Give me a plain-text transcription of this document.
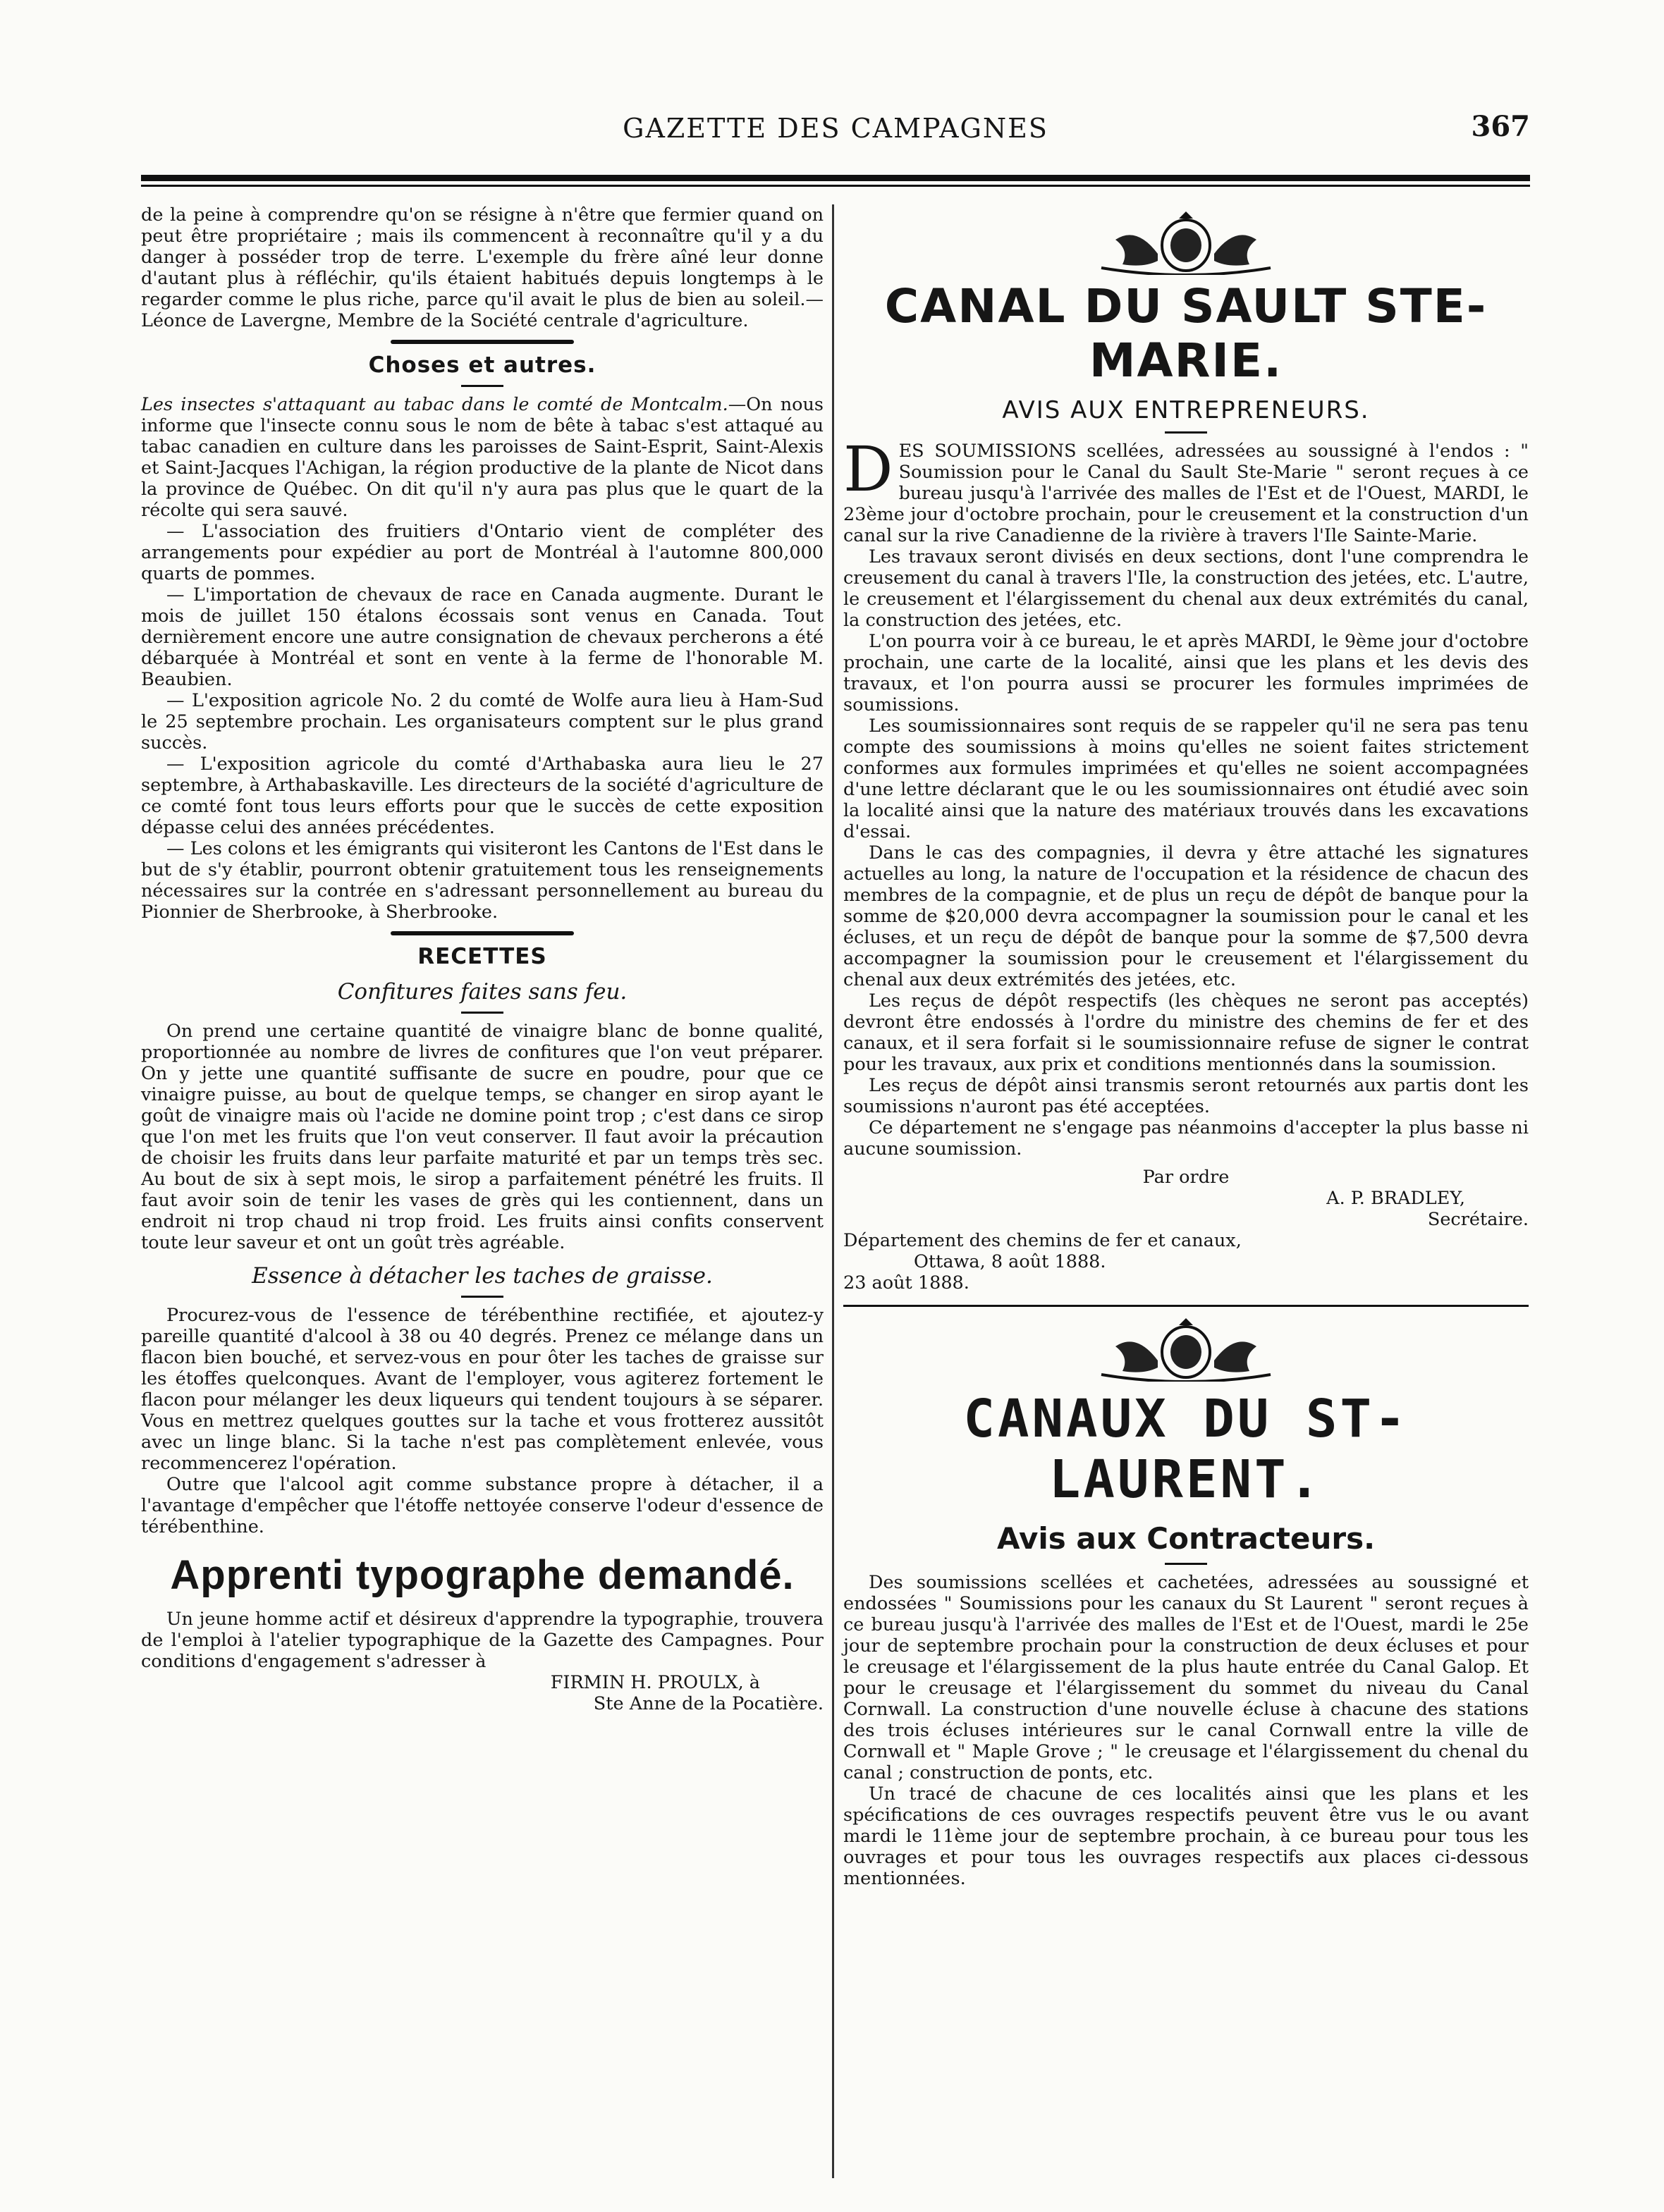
GAZETTE DES CAMPAGNES	367

de la peine à comprendre qu'on se résigne à n'être que fermier quand on peut être propriétaire ; mais ils commencent à reconnaître qu'il y a du danger à posséder trop de terre. L'exemple du frère aîné leur donne d'autant plus à réfléchir, qu'ils étaient habitués depuis longtemps à le regarder comme le plus riche, parce qu'il avait le plus de bien au soleil.—Léonce de Lavergne, Membre de la Société centrale d'agriculture.

Choses et autres.

Les insectes s'attaquant au tabac dans le comté de Montcalm.—On nous informe que l'insecte connu sous le nom de bête à tabac s'est attaqué au tabac canadien en culture dans les paroisses de Saint-Esprit, Saint-Alexis et Saint-Jacques l'Achigan, la région productive de la plante de Nicot dans la province de Québec. On dit qu'il n'y aura pas plus que le quart de la récolte qui sera sauvé.

— L'association des fruitiers d'Ontario vient de compléter des arrangements pour expédier au port de Montréal à l'automne 800,000 quarts de pommes.

— L'importation de chevaux de race en Canada augmente. Durant le mois de juillet 150 étalons écossais sont venus en Canada. Tout dernièrement encore une autre consignation de chevaux percherons a été débarquée à Montréal et sont en vente à la ferme de l'honorable M. Beaubien.

— L'exposition agricole No. 2 du comté de Wolfe aura lieu à Ham-Sud le 25 septembre prochain. Les organisateurs comptent sur le plus grand succès.

— L'exposition agricole du comté d'Arthabaska aura lieu le 27 septembre, à Arthabaskaville. Les directeurs de la société d'agriculture de ce comté font tous leurs efforts pour que le succès de cette exposition dépasse celui des années précédentes.

— Les colons et les émigrants qui visiteront les Cantons de l'Est dans le but de s'y établir, pourront obtenir gratuitement tous les renseignements nécessaires sur la contrée en s'adressant personnellement au bureau du Pionnier de Sherbrooke, à Sherbrooke.

RECETTES
Confitures faites sans feu.

On prend une certaine quantité de vinaigre blanc de bonne qualité, proportionnée au nombre de livres de confitures que l'on veut préparer. On y jette une quantité suffisante de sucre en poudre, pour que ce vinaigre puisse, au bout de quelque temps, se changer en sirop ayant le goût de vinaigre mais où l'acide ne domine point trop ; c'est dans ce sirop que l'on met les fruits que l'on veut conserver. Il faut avoir la précaution de choisir les fruits dans leur parfaite maturité et par un temps très sec. Au bout de six à sept mois, le sirop a parfaitement pénétré les fruits. Il faut avoir soin de tenir les vases de grès qui les contiennent, dans un endroit ni trop chaud ni trop froid. Les fruits ainsi confits conservent toute leur saveur et ont un goût très agréable.

Essence à détacher les taches de graisse.

Procurez-vous de l'essence de térébenthine rectifiée, et ajoutez-y pareille quantité d'alcool à 38 ou 40 degrés. Prenez ce mélange dans un flacon bien bouché, et servez-vous en pour ôter les taches de graisse sur les étoffes quelconques. Avant de l'employer, vous agiterez fortement le flacon pour mélanger les deux liqueurs qui tendent toujours à se séparer. Vous en mettrez quelques gouttes sur la tache et vous frotterez aussitôt avec un linge blanc. Si la tache n'est pas complètement enlevée, vous recommencerez l'opération.

Outre que l'alcool agit comme substance propre à détacher, il a l'avantage d'empêcher que l'étoffe nettoyée conserve l'odeur d'essence de térébenthine.

Apprenti typographe demandé.

Un jeune homme actif et désireux d'apprendre la typographie, trouvera de l'emploi à l'atelier typographique de la Gazette des Campagnes. Pour conditions d'engagement s'adresser à

FIRMIN H. PROULX, à

Ste Anne de la Pocatière.

CANAL DU SAULT STE-MARIE.
AVIS AUX ENTREPRENEURS.

DES SOUMISSIONS scellées, adressées au soussigné à l'endos : " Soumission pour le Canal du Sault Ste-Marie " seront reçues à ce bureau jusqu'à l'arrivée des malles de l'Est et de l'Ouest, MARDI, le 23ème jour d'octobre prochain, pour le creusement et la construction d'un canal sur la rive Canadienne de la rivière à travers l'Ile Sainte-Marie.

Les travaux seront divisés en deux sections, dont l'une comprendra le creusement du canal à travers l'Ile, la construction des jetées, etc. L'autre, le creusement et l'élargissement du chenal aux deux extrémités du canal, la construction des jetées, etc.

L'on pourra voir à ce bureau, le et après MARDI, le 9ème jour d'octobre prochain, une carte de la localité, ainsi que les plans et les devis des travaux, et l'on pourra aussi se procurer les formules imprimées de soumissions.

Les soumissionnaires sont requis de se rappeler qu'il ne sera pas tenu compte des soumissions à moins qu'elles ne soient faites strictement conformes aux formules imprimées et qu'elles ne soient accompagnées d'une lettre déclarant que le ou les soumissionnaires ont étudié avec soin la localité ainsi que la nature des matériaux trouvés dans les excavations d'essai.

Dans le cas des compagnies, il devra y être attaché les signatures actuelles au long, la nature de l'occupation et la résidence de chacun des membres de la compagnie, et de plus un reçu de dépôt de banque pour la somme de $20,000 devra accompagner la soumission pour le canal et les écluses, et un reçu de dépôt de banque pour la somme de $7,500 devra accompagner la soumission pour le creusement et l'élargissement du chenal aux deux extrémités des jetées, etc.

Les reçus de dépôt respectifs (les chèques ne seront pas acceptés) devront être endossés à l'ordre du ministre des chemins de fer et des canaux, et il sera forfait si le soumissionnaire refuse de signer le contrat pour les travaux, aux prix et conditions mentionnés dans la soumission.

Les reçus de dépôt ainsi transmis seront retournés aux partis dont les soumissions n'auront pas été acceptées.

Ce département ne s'engage pas néanmoins d'accepter la plus basse ni aucune soumission.

Par ordre

A. P. BRADLEY,

Secrétaire.

Département des chemins de fer et canaux,

Ottawa, 8 août 1888.

23 août 1888.

CANAUX DU ST-LAURENT.
Avis aux Contracteurs.

Des soumissions scellées et cachetées, adressées au soussigné et endossées " Soumissions pour les canaux du St Laurent " seront reçues à ce bureau jusqu'à l'arrivée des malles de l'Est et de l'Ouest, mardi le 25e jour de septembre prochain pour la construction de deux écluses et pour le creusage et l'élargissement de la plus haute entrée du Canal Galop. Et pour le creusage et l'élargissement du sommet du niveau du Canal Cornwall. La construction d'une nouvelle écluse à chacune des stations des trois écluses intérieures sur le canal Cornwall entre la ville de Cornwall et " Maple Grove ; " le creusage et l'élargissement du chenal du canal ; construction de ponts, etc.

Un tracé de chacune de ces localités ainsi que les plans et les spécifications de ces ouvrages respectifs peuvent être vus le ou avant mardi le 11ème jour de septembre prochain, à ce bureau pour tous les ouvrages et pour tous les ouvrages respectifs aux places ci-dessous mentionnées.
